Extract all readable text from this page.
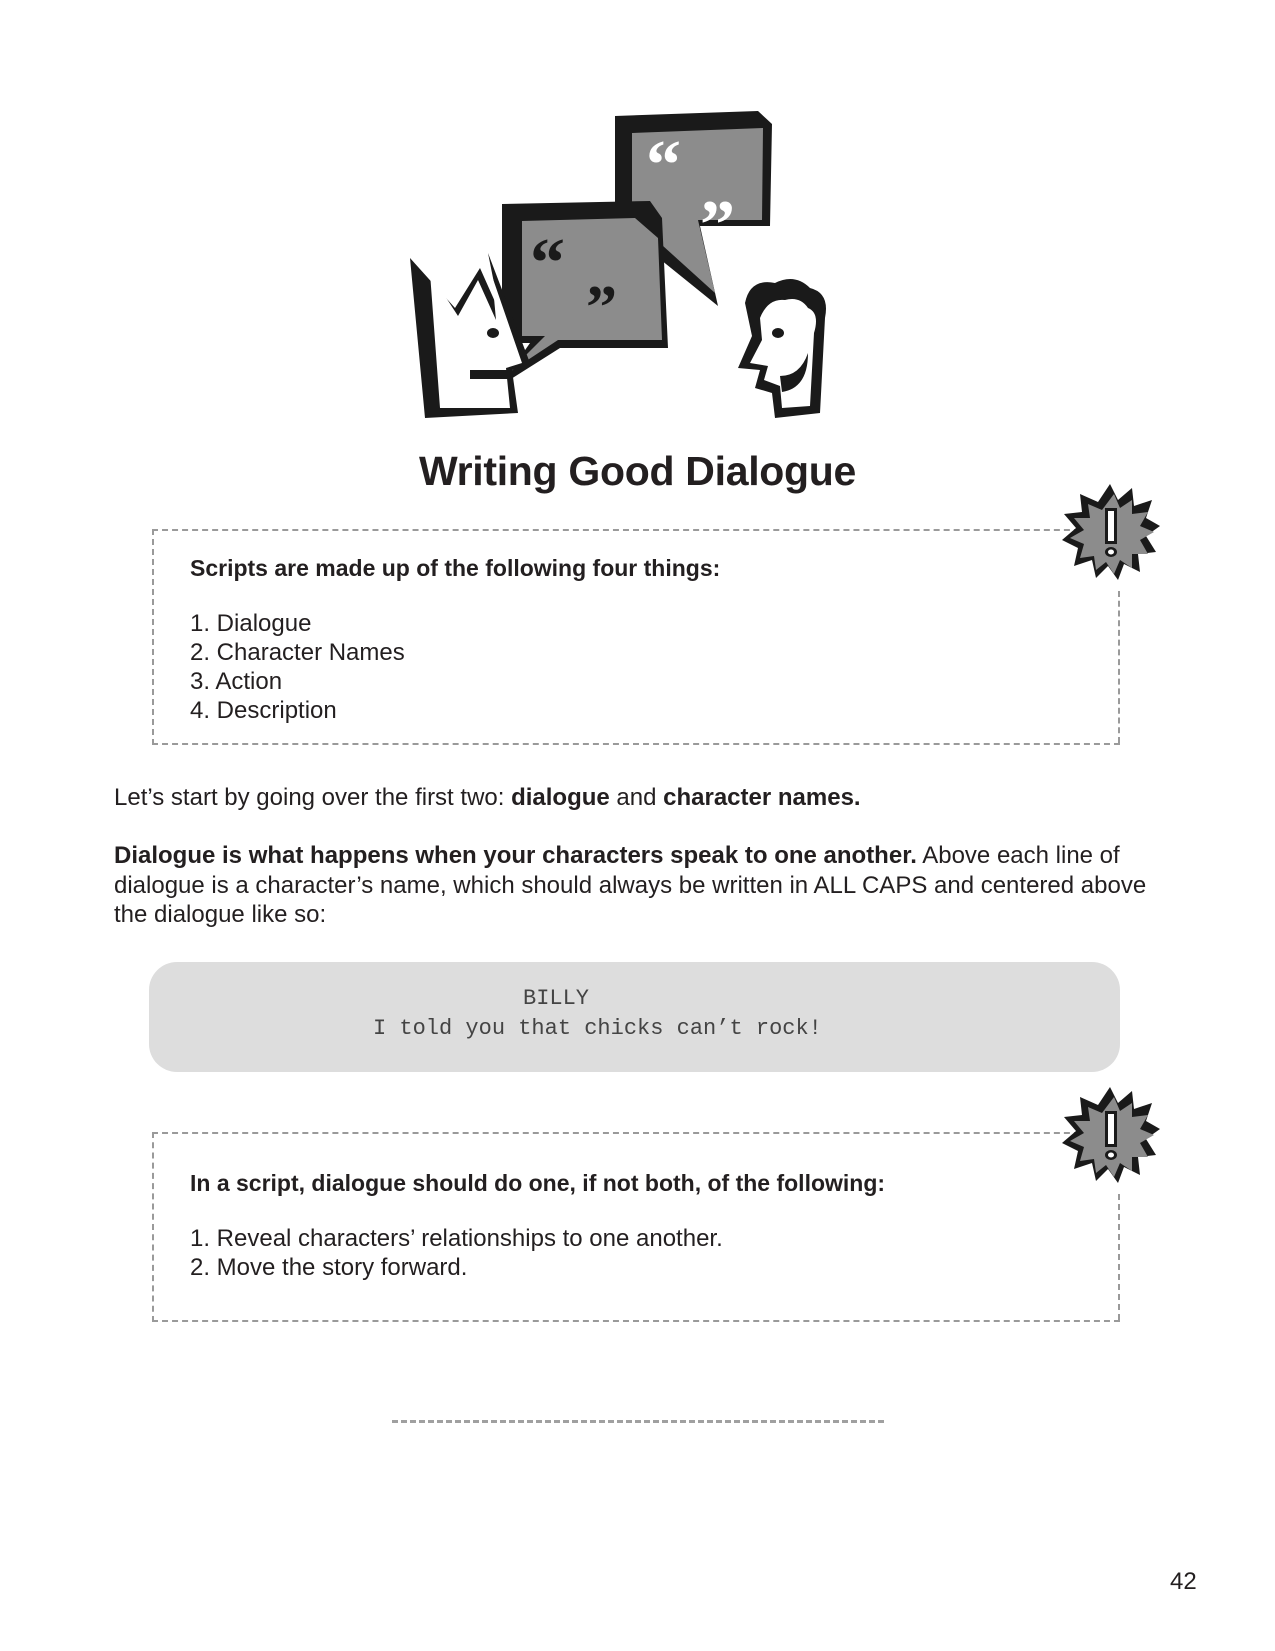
“
”
“
”
Writing Good Dialogue
Scripts are made up of the following four things:
1. Dialogue
2. Character Names
3. Action
4. Description
Let’s start by going over the first two: dialogue and character names.
Dialogue is what happens when your characters speak to one another. Above each line of dialogue is a character’s name, which should always be written in ALL CAPS and centered above the dialogue like so:
BILLY
I told you that chicks can’t rock!
In a script, dialogue should do one, if not both, of the following:
1. Reveal characters’ relationships to one another.
2. Move the story forward.
42
